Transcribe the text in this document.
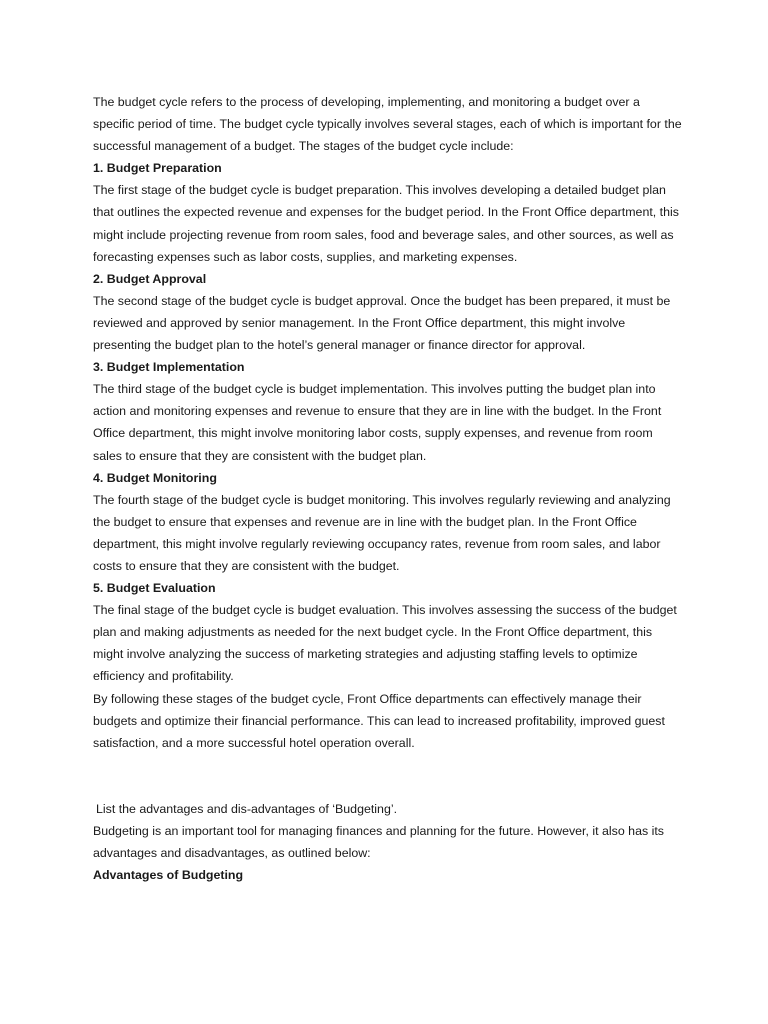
The budget cycle refers to the process of developing, implementing, and monitoring a budget over a specific period of time. The budget cycle typically involves several stages, each of which is important for the successful management of a budget. The stages of the budget cycle include:

1. Budget Preparation

The first stage of the budget cycle is budget preparation. This involves developing a detailed budget plan that outlines the expected revenue and expenses for the budget period. In the Front Office department, this might include projecting revenue from room sales, food and beverage sales, and other sources, as well as forecasting expenses such as labor costs, supplies, and marketing expenses.

2. Budget Approval

The second stage of the budget cycle is budget approval. Once the budget has been prepared, it must be reviewed and approved by senior management. In the Front Office department, this might involve presenting the budget plan to the hotel’s general manager or finance director for approval.

3. Budget Implementation

The third stage of the budget cycle is budget implementation. This involves putting the budget plan into action and monitoring expenses and revenue to ensure that they are in line with the budget. In the Front Office department, this might involve monitoring labor costs, supply expenses, and revenue from room sales to ensure that they are consistent with the budget plan.

4. Budget Monitoring

The fourth stage of the budget cycle is budget monitoring. This involves regularly reviewing and analyzing the budget to ensure that expenses and revenue are in line with the budget plan. In the Front Office department, this might involve regularly reviewing occupancy rates, revenue from room sales, and labor costs to ensure that they are consistent with the budget.

5. Budget Evaluation

The final stage of the budget cycle is budget evaluation. This involves assessing the success of the budget plan and making adjustments as needed for the next budget cycle. In the Front Office department, this might involve analyzing the success of marketing strategies and adjusting staffing levels to optimize efficiency and profitability.

By following these stages of the budget cycle, Front Office departments can effectively manage their budgets and optimize their financial performance. This can lead to increased profitability, improved guest satisfaction, and a more successful hotel operation overall.

List the advantages and dis-advantages of ‘Budgeting’.

Budgeting is an important tool for managing finances and planning for the future. However, it also has its advantages and disadvantages, as outlined below:

Advantages of Budgeting
